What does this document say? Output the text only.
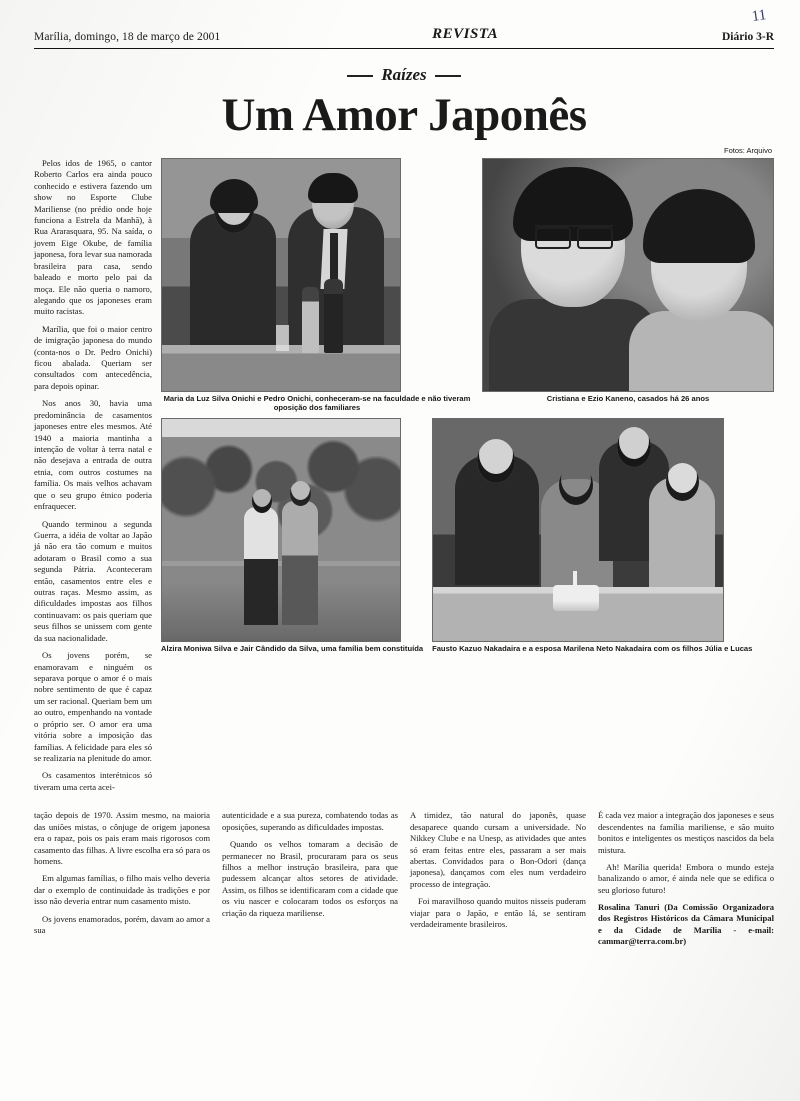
Marília, domingo, 18 de março de 2001	REVISTA	Diário 3-R
11
Raízes
Um Amor Japonês
Fotos: Arquivo

Pelos idos de 1965, o cantor Roberto Carlos era ainda pouco conhecido e estivera fazendo um show no Esporte Clube Mariliense (no prédio onde hoje funciona a Estrela da Manhã), à Rua Ararasquara, 95. Na saída, o jovem Eige Okube, de família japonesa, fora levar sua namorada brasileira para casa, sendo baleado e morto pelo pai da moça. Ele não queria o namoro, alegando que os japoneses eram muito racistas.

Marília, que foi o maior centro de imigração japonesa do mundo (conta-nos o Dr. Pedro Onichi) ficou abalada. Queriam ser consultados com antecedência, para depois opinar.

Nos anos 30, havia uma predominância de casamentos japoneses entre eles mesmos. Até 1940 a maioria mantinha a intenção de voltar à terra natal e não desejava a entrada de outra etnia, com outros costumes na família. Os mais velhos achavam que o seu grupo étnico poderia enfraquecer.

Quando terminou a segunda Guerra, a idéia de voltar ao Japão já não era tão comum e muitos adotaram o Brasil como a sua segunda Pátria. Aconteceram então, casamentos entre eles e outras raças. Mesmo assim, as dificuldades impostas aos filhos continuavam: os pais queriam que seus filhos se unissem com gente da sua nacionalidade.

Os jovens porém, se enamoravam e ninguém os separava porque o amor é o mais nobre sentimento de que é capaz um ser racional. Queriam bem um ao outro, empenhando na vontade o próprio ser. O amor era uma vitória sobre a imposição das famílias. A felicidade para eles só se realizaria na plenitude do amor.

Os casamentos interétnicos só tiveram uma certa acei-

Maria da Luz Silva Onichi e Pedro Onichi, conheceram-se na faculdade e não tiveram oposição dos familiares
Cristiana e Ezio Kaneno, casados há 26 anos
Alzira Moniwa Silva e Jair Cândido da Silva, uma família bem constituída Fausto Kazuo Nakadaira e a esposa Marilena Neto Nakadaira com os filhos Júlia e Lucas

tação depois de 1970. Assim mesmo, na maioria das uniões mistas, o cônjuge de origem japonesa era o rapaz, pois os pais eram mais rigorosos com casamento das filhas. A livre escolha era só para os homens.

Em algumas famílias, o filho mais velho deveria dar o exemplo de continuidade às tradições e por isso não deveria entrar num casamento misto.

Os jovens enamorados, porém, davam ao amor a sua

autenticidade e a sua pureza, combatendo todas as oposições, superando as dificuldades impostas.

Quando os velhos tomaram a decisão de permanecer no Brasil, procuraram para os seus filhos a melhor instrução brasileira, para que pudessem alcançar altos setores de atividade. Assim, os filhos se identificaram com a cidade que os viu nascer e colocaram todos os esforços na criação da riqueza mariliense.

A timidez, tão natural do japonês, quase desaparece quando cursam a universidade. No Nikkey Clube e na Unesp, as atividades que antes só eram feitas entre eles, passaram a ser mais abertas. Convidados para o Bon-Odori (dança japonesa), dançamos com eles num verdadeiro processo de integração.

Foi maravilhoso quando muitos nisseis puderam viajar para o Japão, e então lá, se sentiram verdadeiramente brasileiros.

É cada vez maior a integração dos japoneses e seus descendentes na família mariliense, e são muito bonitos e inteligentes os mestiços nascidos da bela mistura.

Ah! Marília querida! Embora o mundo esteja banalizando o amor, é ainda nele que se edifica o seu glorioso futuro!

Rosalina Tanuri (Da Comissão Organizadora dos Registros Históricos da Câmara Municipal e da Cidade de Marília - e-mail: cammar@terra.com.br)
